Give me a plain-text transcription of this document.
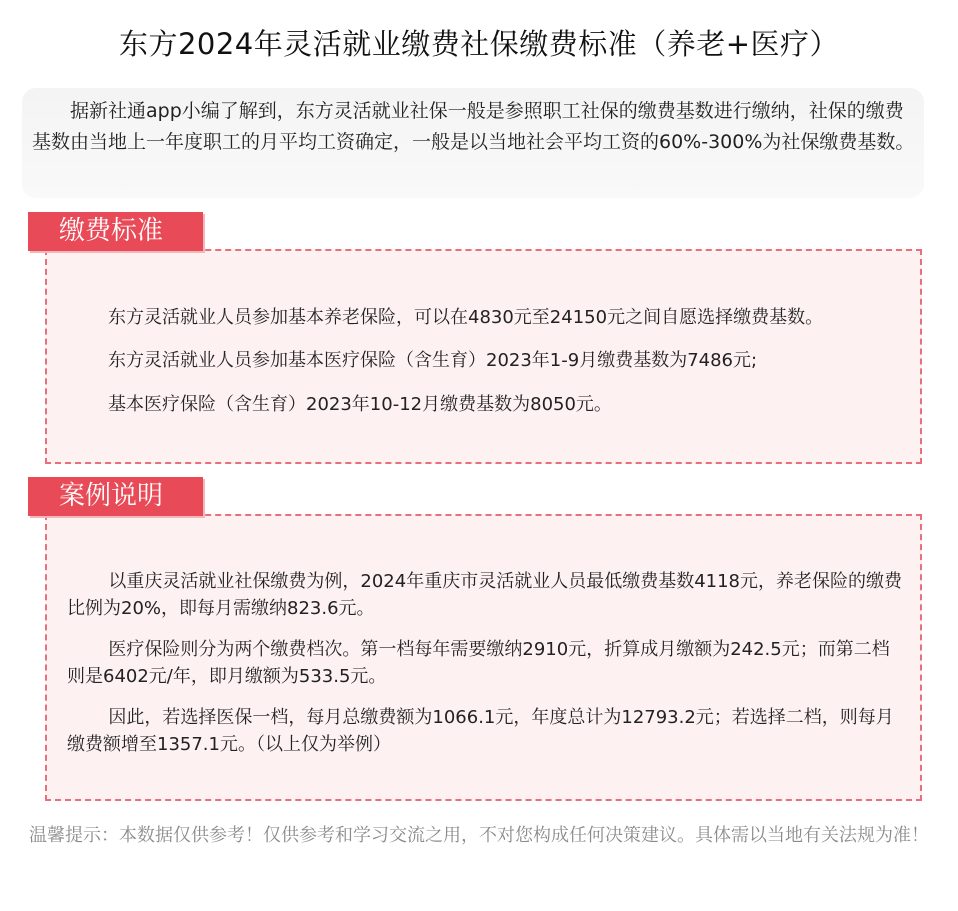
东方2024年灵活就业缴费社保缴费标准（养老+医疗）

据新社通app小编了解到，东方灵活就业社保一般是参照职工社保的缴费基数进行缴纳，社保的缴费基数由当地上一年度职工的月平均工资确定，一般是以当地社会平均工资的60%-300%为社保缴费基数。

东方灵活就业人员参加基本养老保险，可以在4830元至24150元之间自愿选择缴费基数。
东方灵活就业人员参加基本医疗保险（含生育）2023年1-9月缴费基数为7486元;
基本医疗保险（含生育）2023年10-12月缴费基数为8050元。
缴费标准
以重庆灵活就业社保缴费为例，2024年重庆市灵活就业人员最低缴费基数4118元，养老保险的缴费比例为20%，即每月需缴纳823.6元。
医疗保险则分为两个缴费档次。第一档每年需要缴纳2910元，折算成月缴额为242.5元；而第二档则是6402元/年，即月缴额为533.5元。
因此，若选择医保一档，每月总缴费额为1066.1元，年度总计为12793.2元；若选择二档，则每月缴费额增至1357.1元。（以上仅为举例）
案例说明
温馨提示：本数据仅供参考！仅供参考和学习交流之用，不对您构成任何决策建议。具体需以当地有关法规为准！
